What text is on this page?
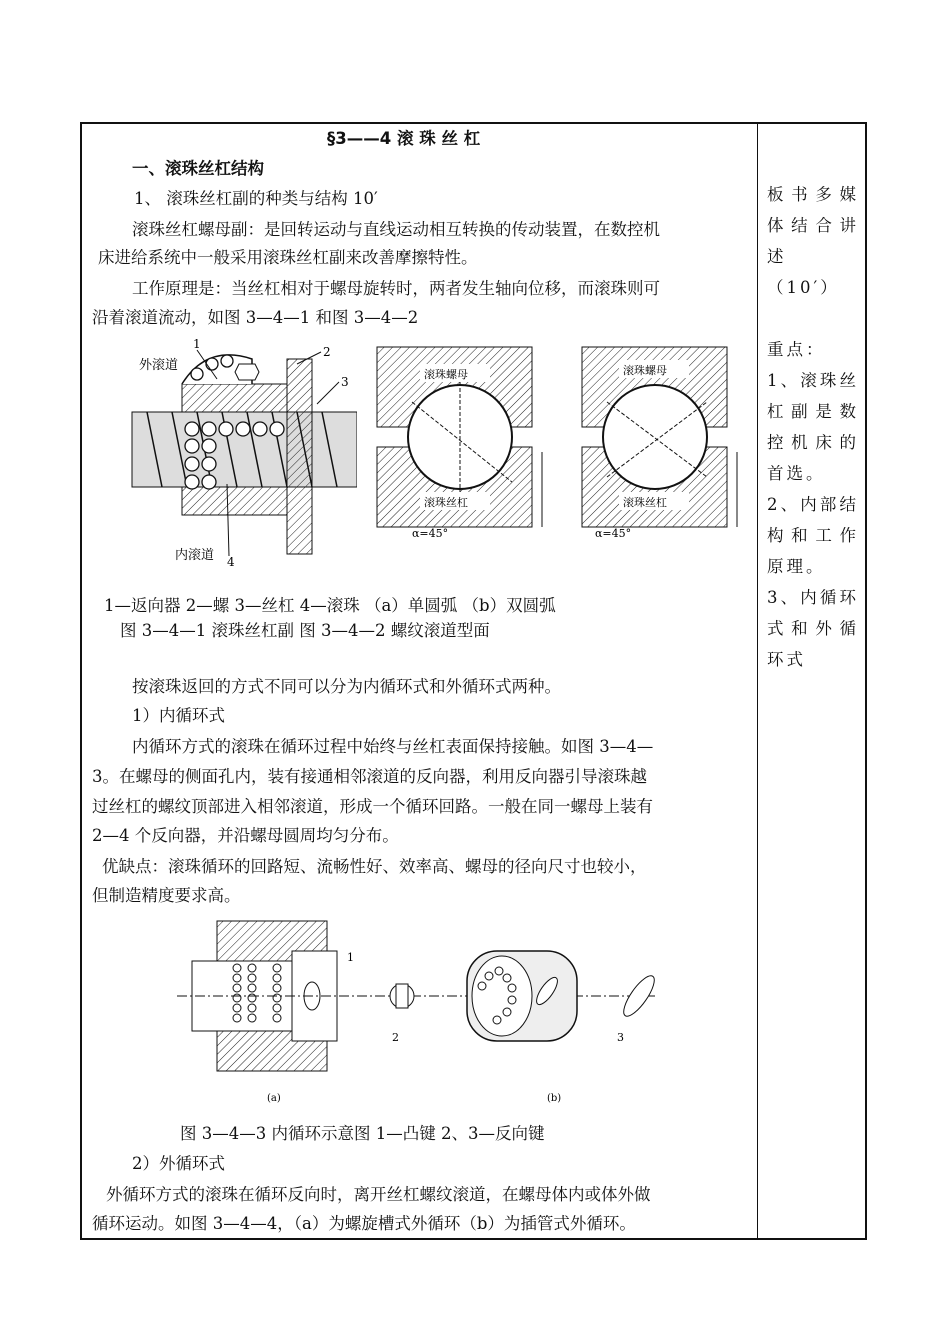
§3——4 滚 珠 丝 杠
一、滚珠丝杠结构
1、 滚珠丝杠副的种类与结构 10′
滚珠丝杠螺母副：是回转运动与直线运动相互转换的传动装置，在数控机
床进给系统中一般采用滚珠丝杠副来改善摩擦特性。
工作原理是：当丝杠相对于螺母旋转时，两者发生轴向位移，而滚珠则可
沿着滚道流动，如图 3—4—1 和图 3—4—2
1
2
3
4
外滚道
内滚道
滚珠螺母
滚珠丝杠
α=45°
滚珠螺母
滚珠丝杠
α=45°
1—返向器 2—螺 3—丝杠 4—滚珠 （a）单圆弧 （b）双圆弧
图 3—4—1 滚珠丝杠副 图 3—4—2 螺纹滚道型面
按滚珠返回的方式不同可以分为内循环式和外循环式两种。
1）内循环式
内循环方式的滚珠在循环过程中始终与丝杠表面保持接触。如图 3—4—
3。在螺母的侧面孔内，装有接通相邻滚道的反向器，利用反向器引导滚珠越
过丝杠的螺纹顶部进入相邻滚道，形成一个循环回路。一般在同一螺母上装有
2—4 个反向器，并沿螺母圆周均匀分布。
优缺点：滚珠循环的回路短、流畅性好、效率高、螺母的径向尺寸也较小，
但制造精度要求高。
1
2
(a)
3
(b)
图 3—4—3 内循环示意图 1—凸键 2、3—反向键
2）外循环式
外循环方式的滚珠在循环反向时，离开丝杠螺纹滚道，在螺母体内或体外做
循环运动。如图 3—4—4，（a）为螺旋槽式外循环（b）为插管式外循环。
板书多媒体结合讲述 （10′）
重点：
1、滚珠丝杠副是数控机床的首选。
2、内部结构和工作原理。
3、内循环式和外循环式
